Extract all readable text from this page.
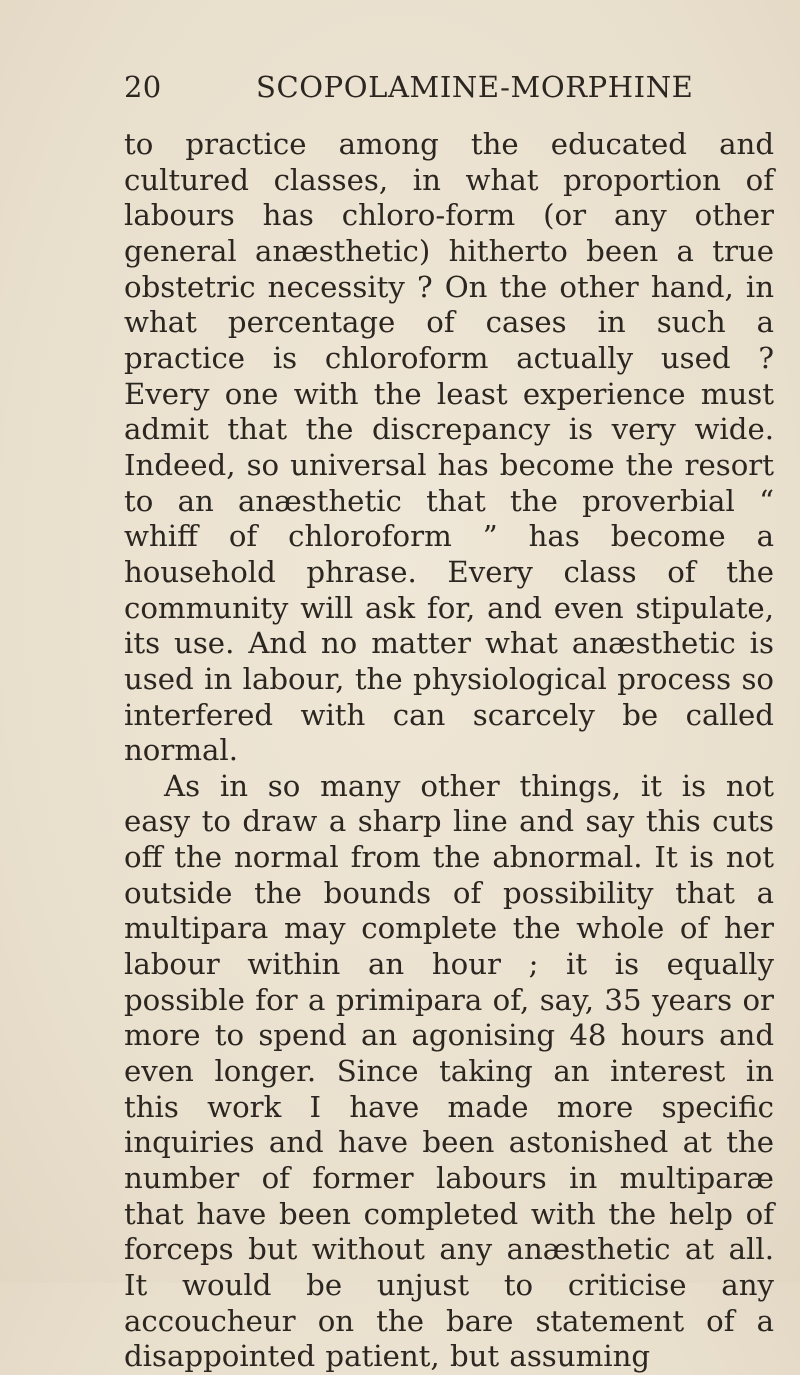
20	SCOPOLAMINE-MORPHINE

to practice among the educated and cultured classes, in what proportion of labours has chloro-form (or any other general anæsthetic) hitherto been a true obstetric necessity ? On the other hand, in what percentage of cases in such a practice is chloroform actually used ? Every one with the least experience must admit that the discrepancy is very wide. Indeed, so universal has become the resort to an anæsthetic that the proverbial “ whiff of chloroform ” has become a household phrase. Every class of the community will ask for, and even stipulate, its use. And no matter what anæsthetic is used in labour, the physiological process so interfered with can scarcely be called normal.

As in so many other things, it is not easy to draw a sharp line and say this cuts off the normal from the abnormal. It is not outside the bounds of possibility that a multipara may complete the whole of her labour within an hour ; it is equally possible for a primipara of, say, 35 years or more to spend an agonising 48 hours and even longer. Since taking an interest in this work I have made more specific inquiries and have been astonished at the number of former labours in multiparæ that have been completed with the help of forceps but without any anæsthetic at all. It would be unjust to criticise any accoucheur on the bare statement of a disappointed patient, but assuming
